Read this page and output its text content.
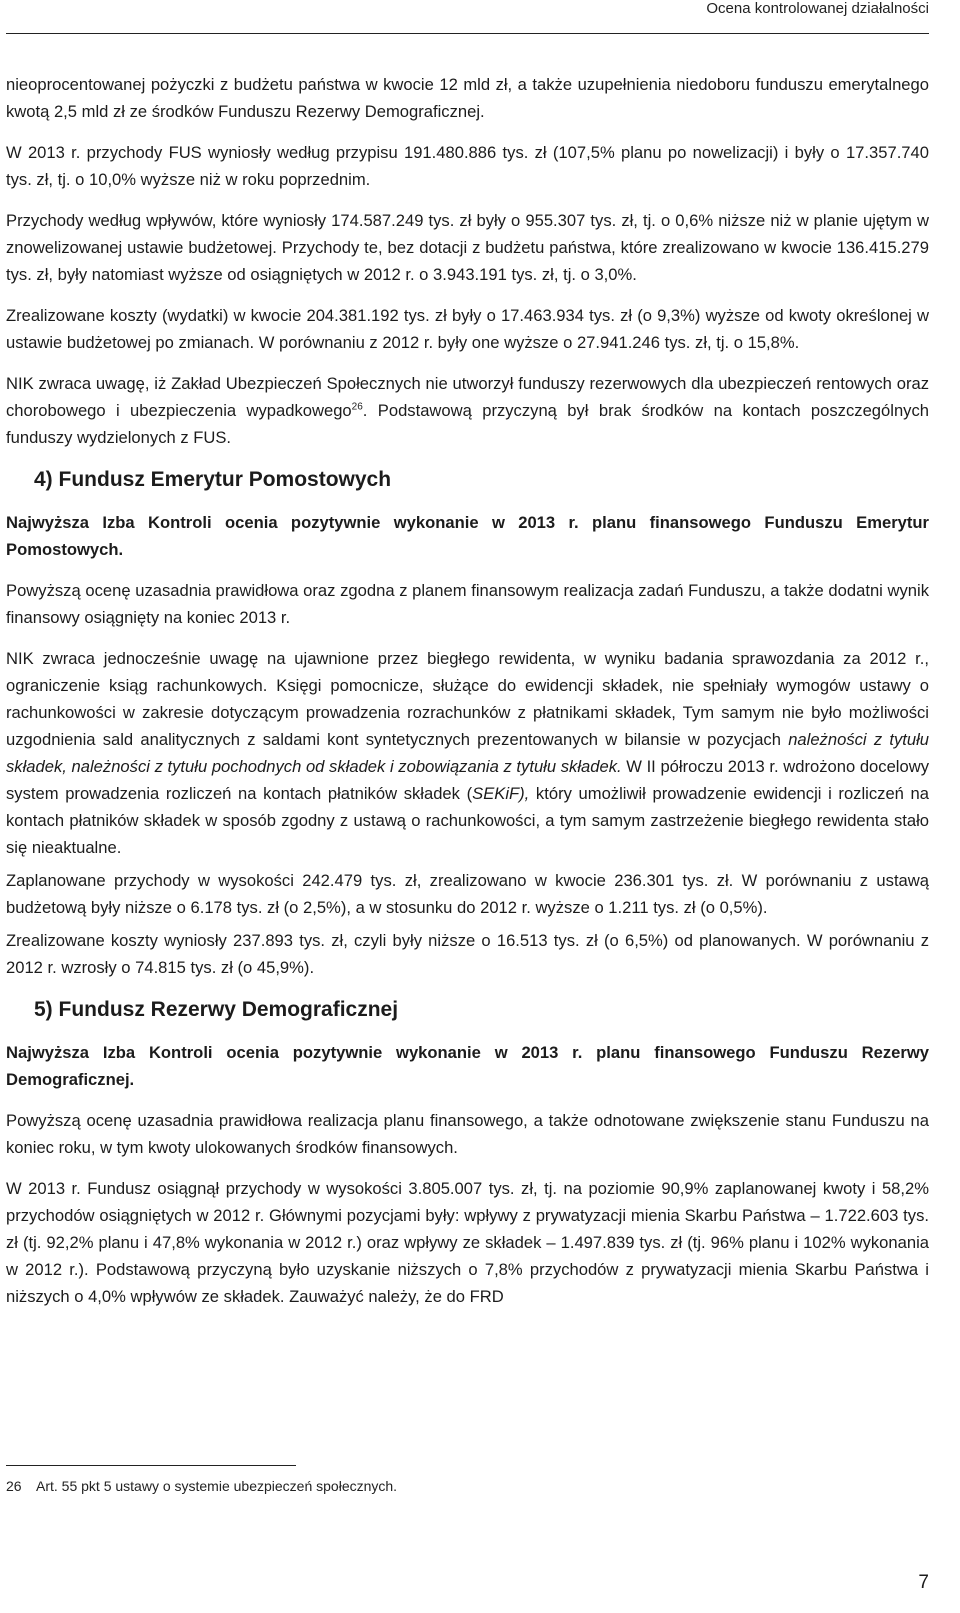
Ocena kontrolowanej działalności

nieoprocentowanej pożyczki z budżetu państwa w kwocie 12 mld zł, a także uzupełnienia niedoboru funduszu emerytalnego kwotą 2,5 mld zł ze środków Funduszu Rezerwy Demograficznej.

W 2013 r. przychody FUS wyniosły według przypisu 191.480.886 tys. zł (107,5% planu po nowelizacji) i były o 17.357.740 tys. zł, tj. o 10,0% wyższe niż w roku poprzednim.

Przychody według wpływów, które wyniosły 174.587.249 tys. zł były o 955.307 tys. zł, tj. o 0,6% niższe niż w planie ujętym w znowelizowanej ustawie budżetowej. Przychody te, bez dotacji z budżetu państwa, które zrealizowano w kwocie 136.415.279 tys. zł, były natomiast wyższe od osiągniętych w 2012 r. o 3.943.191 tys. zł, tj. o 3,0%.

Zrealizowane koszty (wydatki) w kwocie 204.381.192 tys. zł były o 17.463.934 tys. zł (o 9,3%) wyższe od kwoty określonej w ustawie budżetowej po zmianach. W porównaniu z 2012 r. były one wyższe o 27.941.246 tys. zł, tj. o 15,8%.

NIK zwraca uwagę, iż Zakład Ubezpieczeń Społecznych nie utworzył funduszy rezerwowych dla ubezpieczeń rentowych oraz chorobowego i ubezpieczenia wypadkowego$^{26}$. Podstawową przyczyną był brak środków na kontach poszczególnych funduszy wydzielonych z FUS.

4) Fundusz Emerytur Pomostowych

Najwyższa Izba Kontroli ocenia pozytywnie wykonanie w 2013 r. planu finansowego Funduszu Emerytur Pomostowych.

Powyższą ocenę uzasadnia prawidłowa oraz zgodna z planem finansowym realizacja zadań Funduszu, a także dodatni wynik finansowy osiągnięty na koniec 2013 r.

NIK zwraca jednocześnie uwagę na ujawnione przez biegłego rewidenta, w wyniku badania sprawozdania za 2012 r., ograniczenie ksiąg rachunkowych. Księgi pomocnicze, służące do ewidencji składek, nie spełniały wymogów ustawy o rachunkowości w zakresie dotyczącym prowadzenia rozrachunków z płatnikami składek, Tym samym nie było możliwości uzgodnienia sald analitycznych z saldami kont syntetycznych prezentowanych w bilansie w pozycjach należności z tytułu składek, należności z tytułu pochodnych od składek i zobowiązania z tytułu składek. W II półroczu 2013 r. wdrożono docelowy system prowadzenia rozliczeń na kontach płatników składek (SEKiF), który umożliwił prowadzenie ewidencji i rozliczeń na kontach płatników składek w sposób zgodny z ustawą o rachunkowości, a tym samym zastrzeżenie biegłego rewidenta stało się nieaktualne.

Zaplanowane przychody w wysokości 242.479 tys. zł, zrealizowano w kwocie 236.301 tys. zł. W porównaniu z ustawą budżetową były niższe o 6.178 tys. zł (o 2,5%), a w stosunku do 2012 r. wyższe o 1.211 tys. zł (o 0,5%).

Zrealizowane koszty wyniosły 237.893 tys. zł, czyli były niższe o 16.513 tys. zł (o 6,5%) od planowanych. W porównaniu z 2012 r. wzrosły o 74.815 tys. zł (o 45,9%).

5) Fundusz Rezerwy Demograficznej

Najwyższa Izba Kontroli ocenia pozytywnie wykonanie w 2013 r. planu finansowego Funduszu Rezerwy Demograficznej.

Powyższą ocenę uzasadnia prawidłowa realizacja planu finansowego, a także odnotowane zwiększenie stanu Funduszu na koniec roku, w tym kwoty ulokowanych środków finansowych.

W 2013 r. Fundusz osiągnął przychody w wysokości 3.805.007 tys. zł, tj. na poziomie 90,9% zaplanowanej kwoty i 58,2% przychodów osiągniętych w 2012 r. Głównymi pozycjami były: wpływy z prywatyzacji mienia Skarbu Państwa – 1.722.603 tys. zł (tj. 92,2% planu i 47,8% wykonania w 2012 r.) oraz wpływy ze składek – 1.497.839 tys. zł (tj. 96% planu i 102% wykonania w 2012 r.). Podstawową przyczyną było uzyskanie niższych o 7,8% przychodów z prywatyzacji mienia Skarbu Państwa i niższych o 4,0% wpływów ze składek. Zauważyć należy, że do FRD

26 Art. 55 pkt 5 ustawy o systemie ubezpieczeń społecznych.
7
